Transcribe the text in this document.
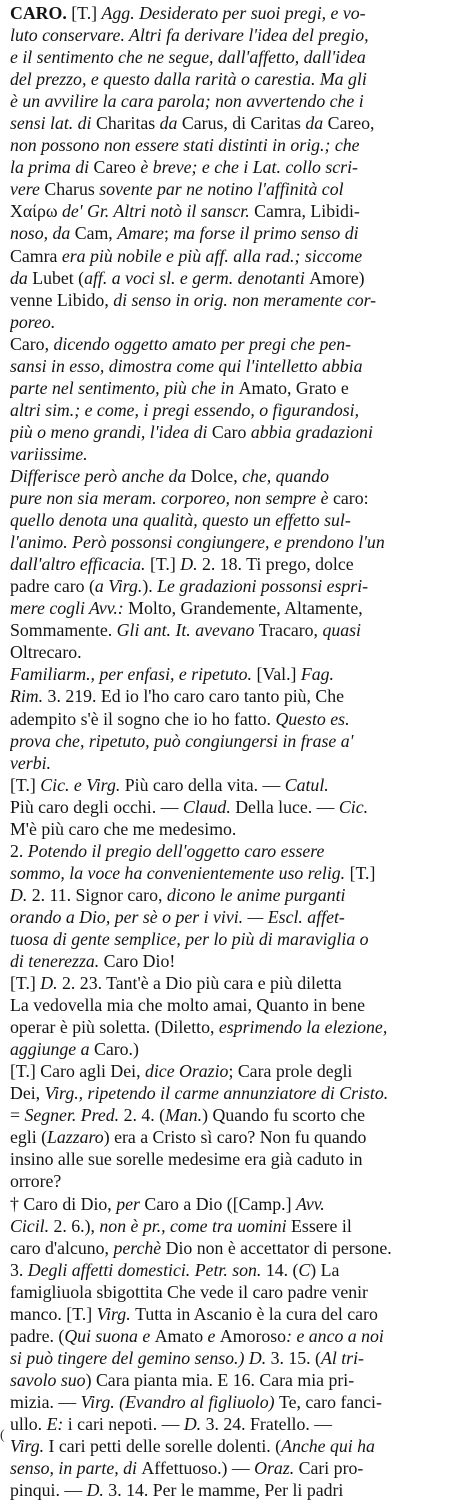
CARO. [T.] Agg. Desiderato per suoi pregi, e vo-
luto conservare. Altri fa derivare l'idea del pregio,
e il sentimento che ne segue, dall'affetto, dall'idea
del prezzo, e questo dalla rarità o carestia. Ma gli
è un avvilire la cara parola; non avvertendo che i
sensi lat. di Charitas da Carus, di Caritas da Careo,
non possono non essere stati distinti in orig.; che
la prima di Careo è breve; e che i Lat. collo scri-
vere Charus sovente par ne notino l'affinità col
Χαίρω de' Gr. Altri notò il sanscr. Camra, Libidi-
noso, da Cam, Amare; ma forse il primo senso di
Camra era più nobile e più aff. alla rad.; siccome
da Lubet (aff. a voci sl. e germ. denotanti Amore)
venne Libido, di senso in orig. non meramente cor-
poreo.
Caro, dicendo oggetto amato per pregi che pen-
sansi in esso, dimostra come qui l'intelletto abbia
parte nel sentimento, più che in Amato, Grato e
altri sim.; e come, i pregi essendo, o figurandosi,
più o meno grandi, l'idea di Caro abbia gradazioni
variissime.
Differisce però anche da Dolce, che, quando
pure non sia meram. corporeo, non sempre è caro:
quello denota una qualità, questo un effetto sul-
l'animo. Però possonsi congiungere, e prendono l'un
dall'altro efficacia. [T.] D. 2. 18. Ti prego, dolce
padre caro (a Virg.). Le gradazioni possonsi espri-
mere cogli Avv.: Molto, Grandemente, Altamente,
Sommamente. Gli ant. It. avevano Tracaro, quasi
Oltrecaro.
Familiarm., per enfasi, e ripetuto. [Val.] Fag.
Rim. 3. 219. Ed io l'ho caro caro tanto più, Che
adempito s'è il sogno che io ho fatto. Questo es.
prova che, ripetuto, può congiungersi in frase a'
verbi.
[T.] Cic. e Virg. Più caro della vita. — Catul.
Più caro degli occhi. — Claud. Della luce. — Cic.
M'è più caro che me medesimo.
2. Potendo il pregio dell'oggetto caro essere
sommo, la voce ha convenientemente uso relig. [T.]
D. 2. 11. Signor caro, dicono le anime purganti
orando a Dio, per sè o per i vivi. — Escl. affet-
tuosa di gente semplice, per lo più di maraviglia o
di tenerezza. Caro Dio!
[T.] D. 2. 23. Tant'è a Dio più cara e più diletta
La vedovella mia che molto amai, Quanto in bene
operar è più soletta. (Diletto, esprimendo la elezione,
aggiunge a Caro.)
[T.] Caro agli Dei, dice Orazio; Cara prole degli
Dei, Virg., ripetendo il carme annunziatore di Cristo.
= Segner. Pred. 2. 4. (Man.) Quando fu scorto che
egli (Lazzaro) era a Cristo sì caro? Non fu quando
insino alle sue sorelle medesime era già caduto in
orrore?
† Caro di Dio, per Caro a Dio ([Camp.] Avv.
Cicil. 2. 6.), non è pr., come tra uomini Essere il
caro d'alcuno, perchè Dio non è accettator di persone.
3. Degli affetti domestici. Petr. son. 14. (C) La
famigliuola sbigottita Che vede il caro padre venir
manco. [T.] Virg. Tutta in Ascanio è la cura del caro
padre. (Qui suona e Amato e Amoroso: e anco a noi
si può tingere del gemino senso.) D. 3. 15. (Al tri-
savolo suo) Cara pianta mia. E 16. Cara mia pri-
mizia. — Virg. (Evandro al figliuolo) Te, caro fanci-
ullo. E: i cari nepoti. — D. 3. 24. Fratello. —
Virg. I cari petti delle sorelle dolenti. (Anche qui ha
senso, in parte, di Affettuoso.) — Oraz. Cari pro-
pinqui. — D. 3. 14. Per le mamme, Per li padri
(
